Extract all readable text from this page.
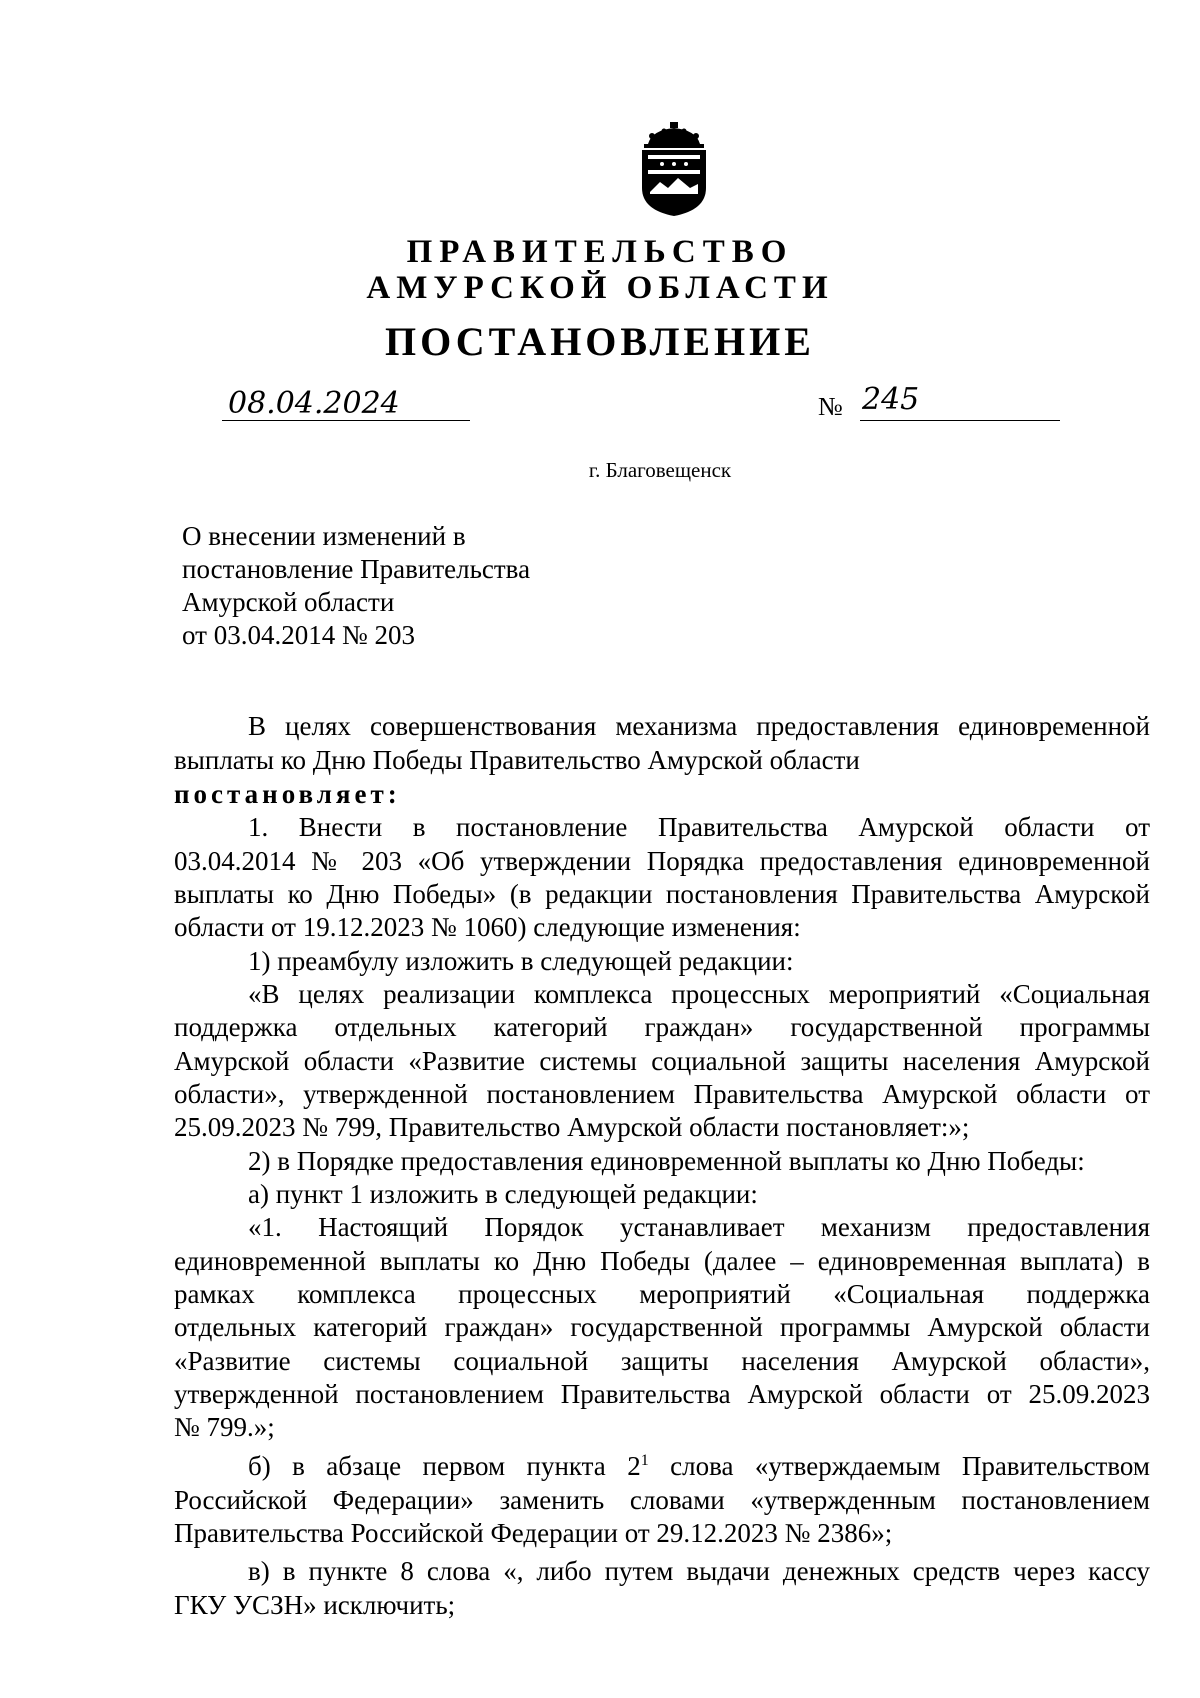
ПРАВИТЕЛЬСТВО
АМУРСКОЙ ОБЛАСТИ
ПОСТАНОВЛЕНИЕ
08.04.2024	№ 245
г. Благовещенск
О внесении изменений в
постановление Правительства
Амурской области
от 03.04.2014 № 203
В целях совершенствования механизма предоставления единовременной
выплаты ко Дню Победы Правительство Амурской области
постановляет:
1. Внести в постановление Правительства Амурской области от
03.04.2014 № 203 «Об утверждении Порядка предоставления единовременной
выплаты ко Дню Победы» (в редакции постановления Правительства Амурской
области от 19.12.2023 № 1060) следующие изменения:
1) преамбулу изложить в следующей редакции:
«В целях реализации комплекса процессных мероприятий «Социальная
поддержка отдельных категорий граждан» государственной программы
Амурской области «Развитие системы социальной защиты населения Амурской
области», утвержденной постановлением Правительства Амурской области от
25.09.2023 № 799, Правительство Амурской области постановляет:»;
2) в Порядке предоставления единовременной выплаты ко Дню Победы:
а) пункт 1 изложить в следующей редакции:
«1. Настоящий Порядок устанавливает механизм предоставления
единовременной выплаты ко Дню Победы (далее – единовременная выплата) в
рамках комплекса процессных мероприятий «Социальная поддержка
отдельных категорий граждан» государственной программы Амурской области
«Развитие системы социальной защиты населения Амурской области»,
утвержденной постановлением Правительства Амурской области от 25.09.2023
№ 799.»;
б) в абзаце первом пункта $2^1$ слова «утверждаемым Правительством
Российской Федерации» заменить словами «утвержденным постановлением
Правительства Российской Федерации от 29.12.2023 № 2386»;
в) в пункте 8 слова «, либо путем выдачи денежных средств через кассу
ГКУ УСЗН» исключить;
